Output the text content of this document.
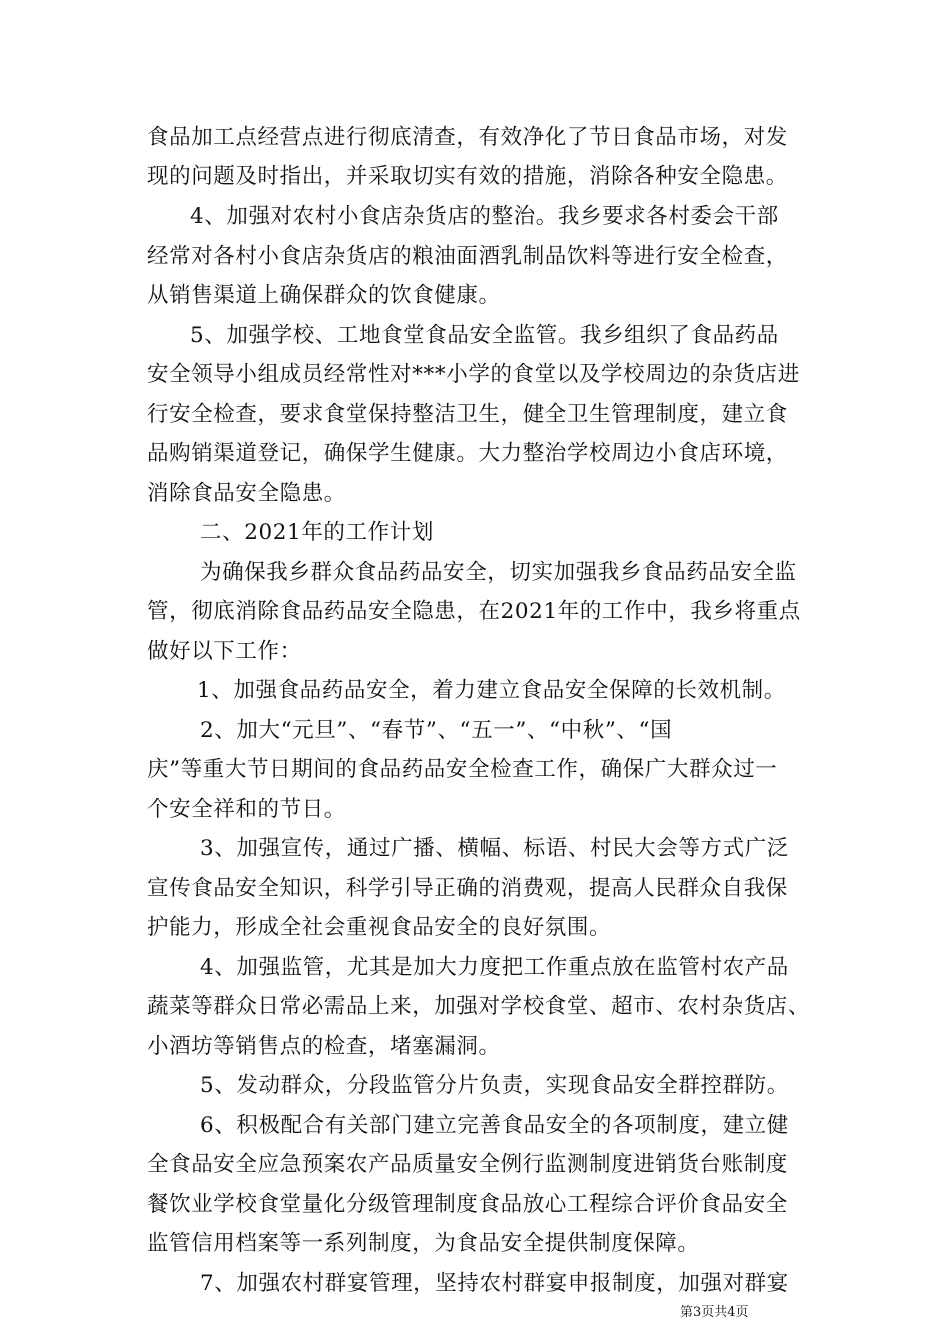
食品加工点经营点进行彻底清查，有效净化了节日食品市场，对发
现的问题及时指出，并采取切实有效的措施，消除各种安全隐患。
4、加强对农村小食店杂货店的整治。我乡要求各村委会干部
经常对各村小食店杂货店的粮油面酒乳制品饮料等进行安全检查，
从销售渠道上确保群众的饮食健康。
5、加强学校、工地食堂食品安全监管。我乡组织了食品药品
安全领导小组成员经常性对***小学的食堂以及学校周边的杂货店进
行安全检查，要求食堂保持整洁卫生，健全卫生管理制度，建立食
品购销渠道登记，确保学生健康。大力整治学校周边小食店环境，
消除食品安全隐患。
二、2021年的工作计划
为确保我乡群众食品药品安全，切实加强我乡食品药品安全监
管，彻底消除食品药品安全隐患，在2021年的工作中，我乡将重点
做好以下工作：
1、加强食品药品安全，着力建立食品安全保障的长效机制。
2、加大“元旦”、“春节”、“五一”、“中秋”、“国
庆”等重大节日期间的食品药品安全检查工作，确保广大群众过一
个安全祥和的节日。
3、加强宣传，通过广播、横幅、标语、村民大会等方式广泛
宣传食品安全知识，科学引导正确的消费观，提高人民群众自我保
护能力，形成全社会重视食品安全的良好氛围。
4、加强监管，尤其是加大力度把工作重点放在监管村农产品
蔬菜等群众日常必需品上来，加强对学校食堂、超市、农村杂货店、
小酒坊等销售点的检查，堵塞漏洞。
5、发动群众，分段监管分片负责，实现食品安全群控群防。
6、积极配合有关部门建立完善食品安全的各项制度，建立健
全食品安全应急预案农产品质量安全例行监测制度进销货台账制度
餐饮业学校食堂量化分级管理制度食品放心工程综合评价食品安全
监管信用档案等一系列制度，为食品安全提供制度保障。
7、加强农村群宴管理，坚持农村群宴申报制度，加强对群宴
第3页共4页
